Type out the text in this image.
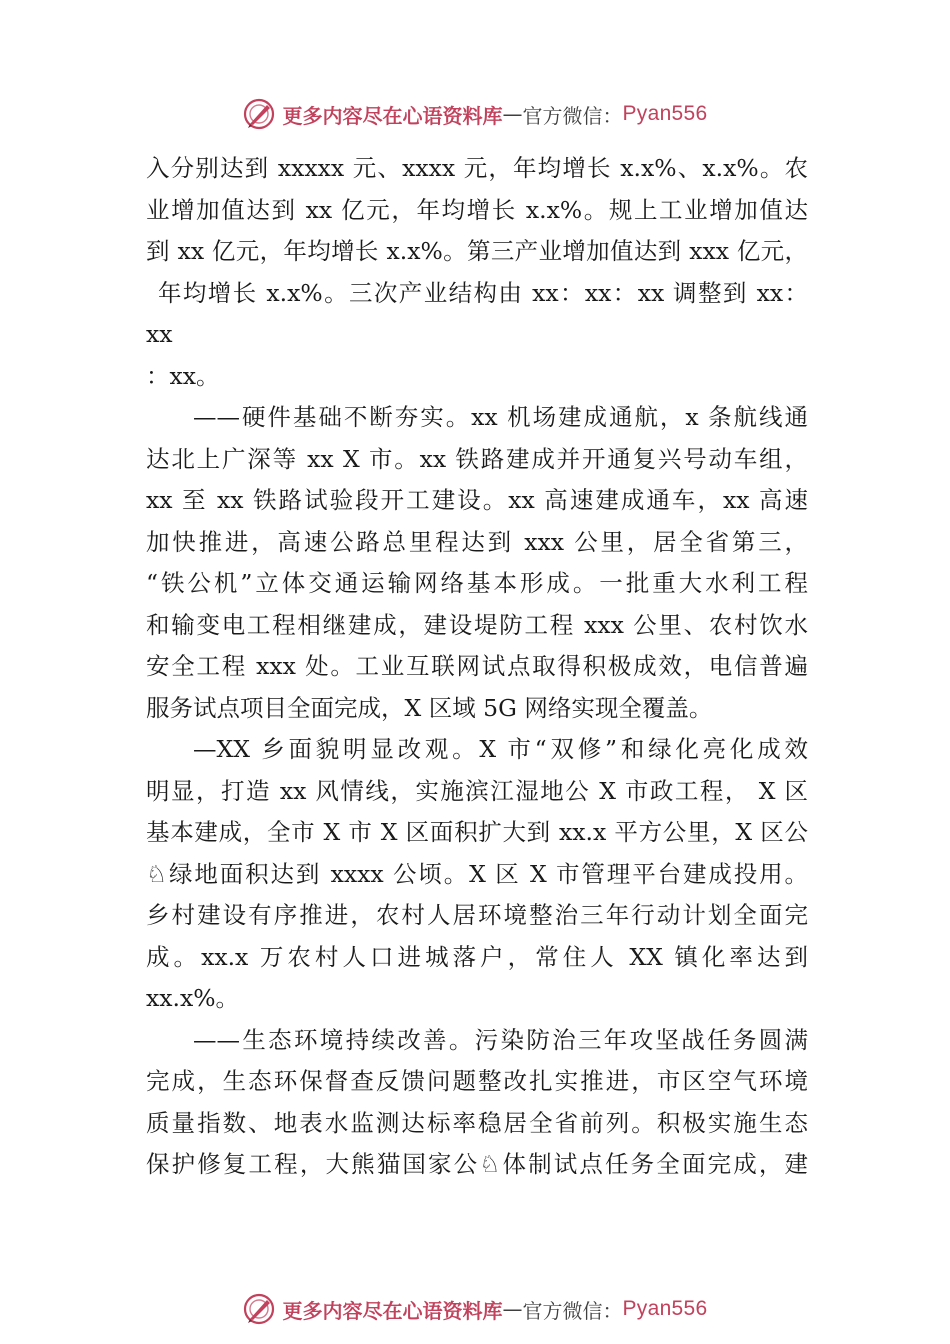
更多内容尽在心语资料库 — 官方微信： Pyan556
入分别达到 xxxxx 元、xxxx 元，年均增长 x.x%、x.x%。农
业增加值达到 xx 亿元，年均增长 x.x%。规上工业增加值达
到 xx 亿元，年均增长 x.x%。第三产业增加值达到 xxx 亿元，
年均增长 x.x%。三次产业结构由 xx：xx：xx 调整到 xx：
xx
：xx。
——硬件基础不断夯实。xx 机场建成通航，x 条航线通
达北上广深等 xx X 市。xx 铁路建成并开通复兴号动车组，
xx 至 xx 铁路试验段开工建设。xx 高速建成通车，xx 高速
加快推进，高速公路总里程达到 xxx 公里，居全省第三，
“铁公机”立体交通运输网络基本形成。一批重大水利工程
和输变电工程相继建成，建设堤防工程 xxx 公里、农村饮水
安全工程 xxx 处。工业互联网试点取得积极成效，电信普遍
服务试点项目全面完成，X 区域 5G 网络实现全覆盖。
—XX 乡面貌明显改观。X 市“双修”和绿化亮化成效
明显，打造 xx 风情线，实施滨江湿地公 X 市政工程， X 区
基本建成，全市 X 市 X 区面积扩大到 xx.x 平方公里，X 区公
♘绿地面积达到 xxxx 公顷。X 区 X 市管理平台建成投用。
乡村建设有序推进，农村人居环境整治三年行动计划全面完
成。xx.x 万农村人口进城落户，常住人 XX 镇化率达到
xx.x%。
——生态环境持续改善。污染防治三年攻坚战任务圆满
完成，生态环保督查反馈问题整改扎实推进，市区空气环境
质量指数、地表水监测达标率稳居全省前列。积极实施生态
保护修复工程，大熊猫国家公♘体制试点任务全面完成，建
更多内容尽在心语资料库 — 官方微信： Pyan556
